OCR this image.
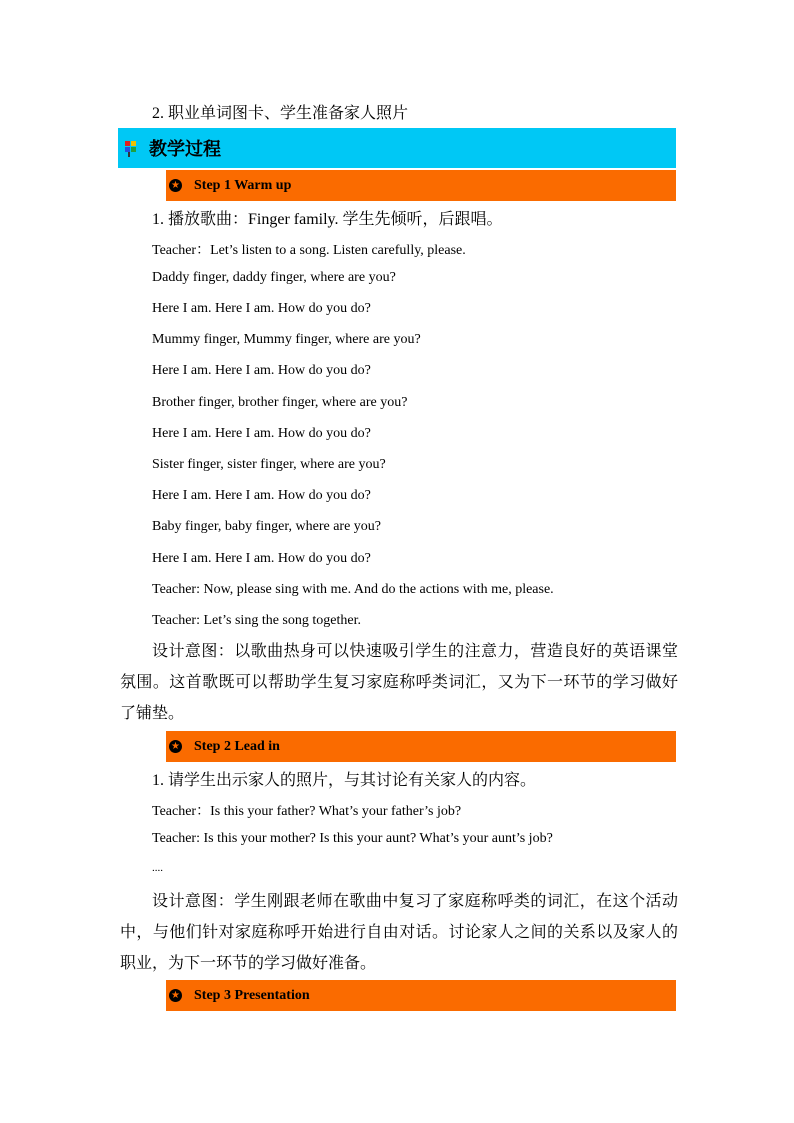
2. 职业单词图卡、学生准备家人照片
教学过程
★ Step 1 Warm up
1. 播放歌曲：Finger family. 学生先倾听，后跟唱。
Teacher：Let’s listen to a song. Listen carefully, please.
Daddy finger, daddy finger, where are you?
Here I am. Here I am. How do you do?
Mummy finger, Mummy finger, where are you?
Here I am. Here I am. How do you do?
Brother finger, brother finger, where are you?
Here I am. Here I am. How do you do?
Sister finger, sister finger, where are you?
Here I am. Here I am. How do you do?
Baby finger, baby finger, where are you?
Here I am. Here I am. How do you do?
Teacher: Now, please sing with me. And do the actions with me, please.
Teacher: Let’s sing the song together.
设计意图：以歌曲热身可以快速吸引学生的注意力，营造良好的英语课堂氛围。这首歌既可以帮助学生复习家庭称呼类词汇，又为下一环节的学习做好了铺垫。
★ Step 2 Lead in
1. 请学生出示家人的照片，与其讨论有关家人的内容。
Teacher：Is this your father? What’s your father’s job?
Teacher: Is this your mother? Is this your aunt? What’s your aunt’s job?
....
设计意图：学生刚跟老师在歌曲中复习了家庭称呼类的词汇，在这个活动中，与他们针对家庭称呼开始进行自由对话。讨论家人之间的关系以及家人的职业，为下一环节的学习做好准备。
★ Step 3 Presentation
